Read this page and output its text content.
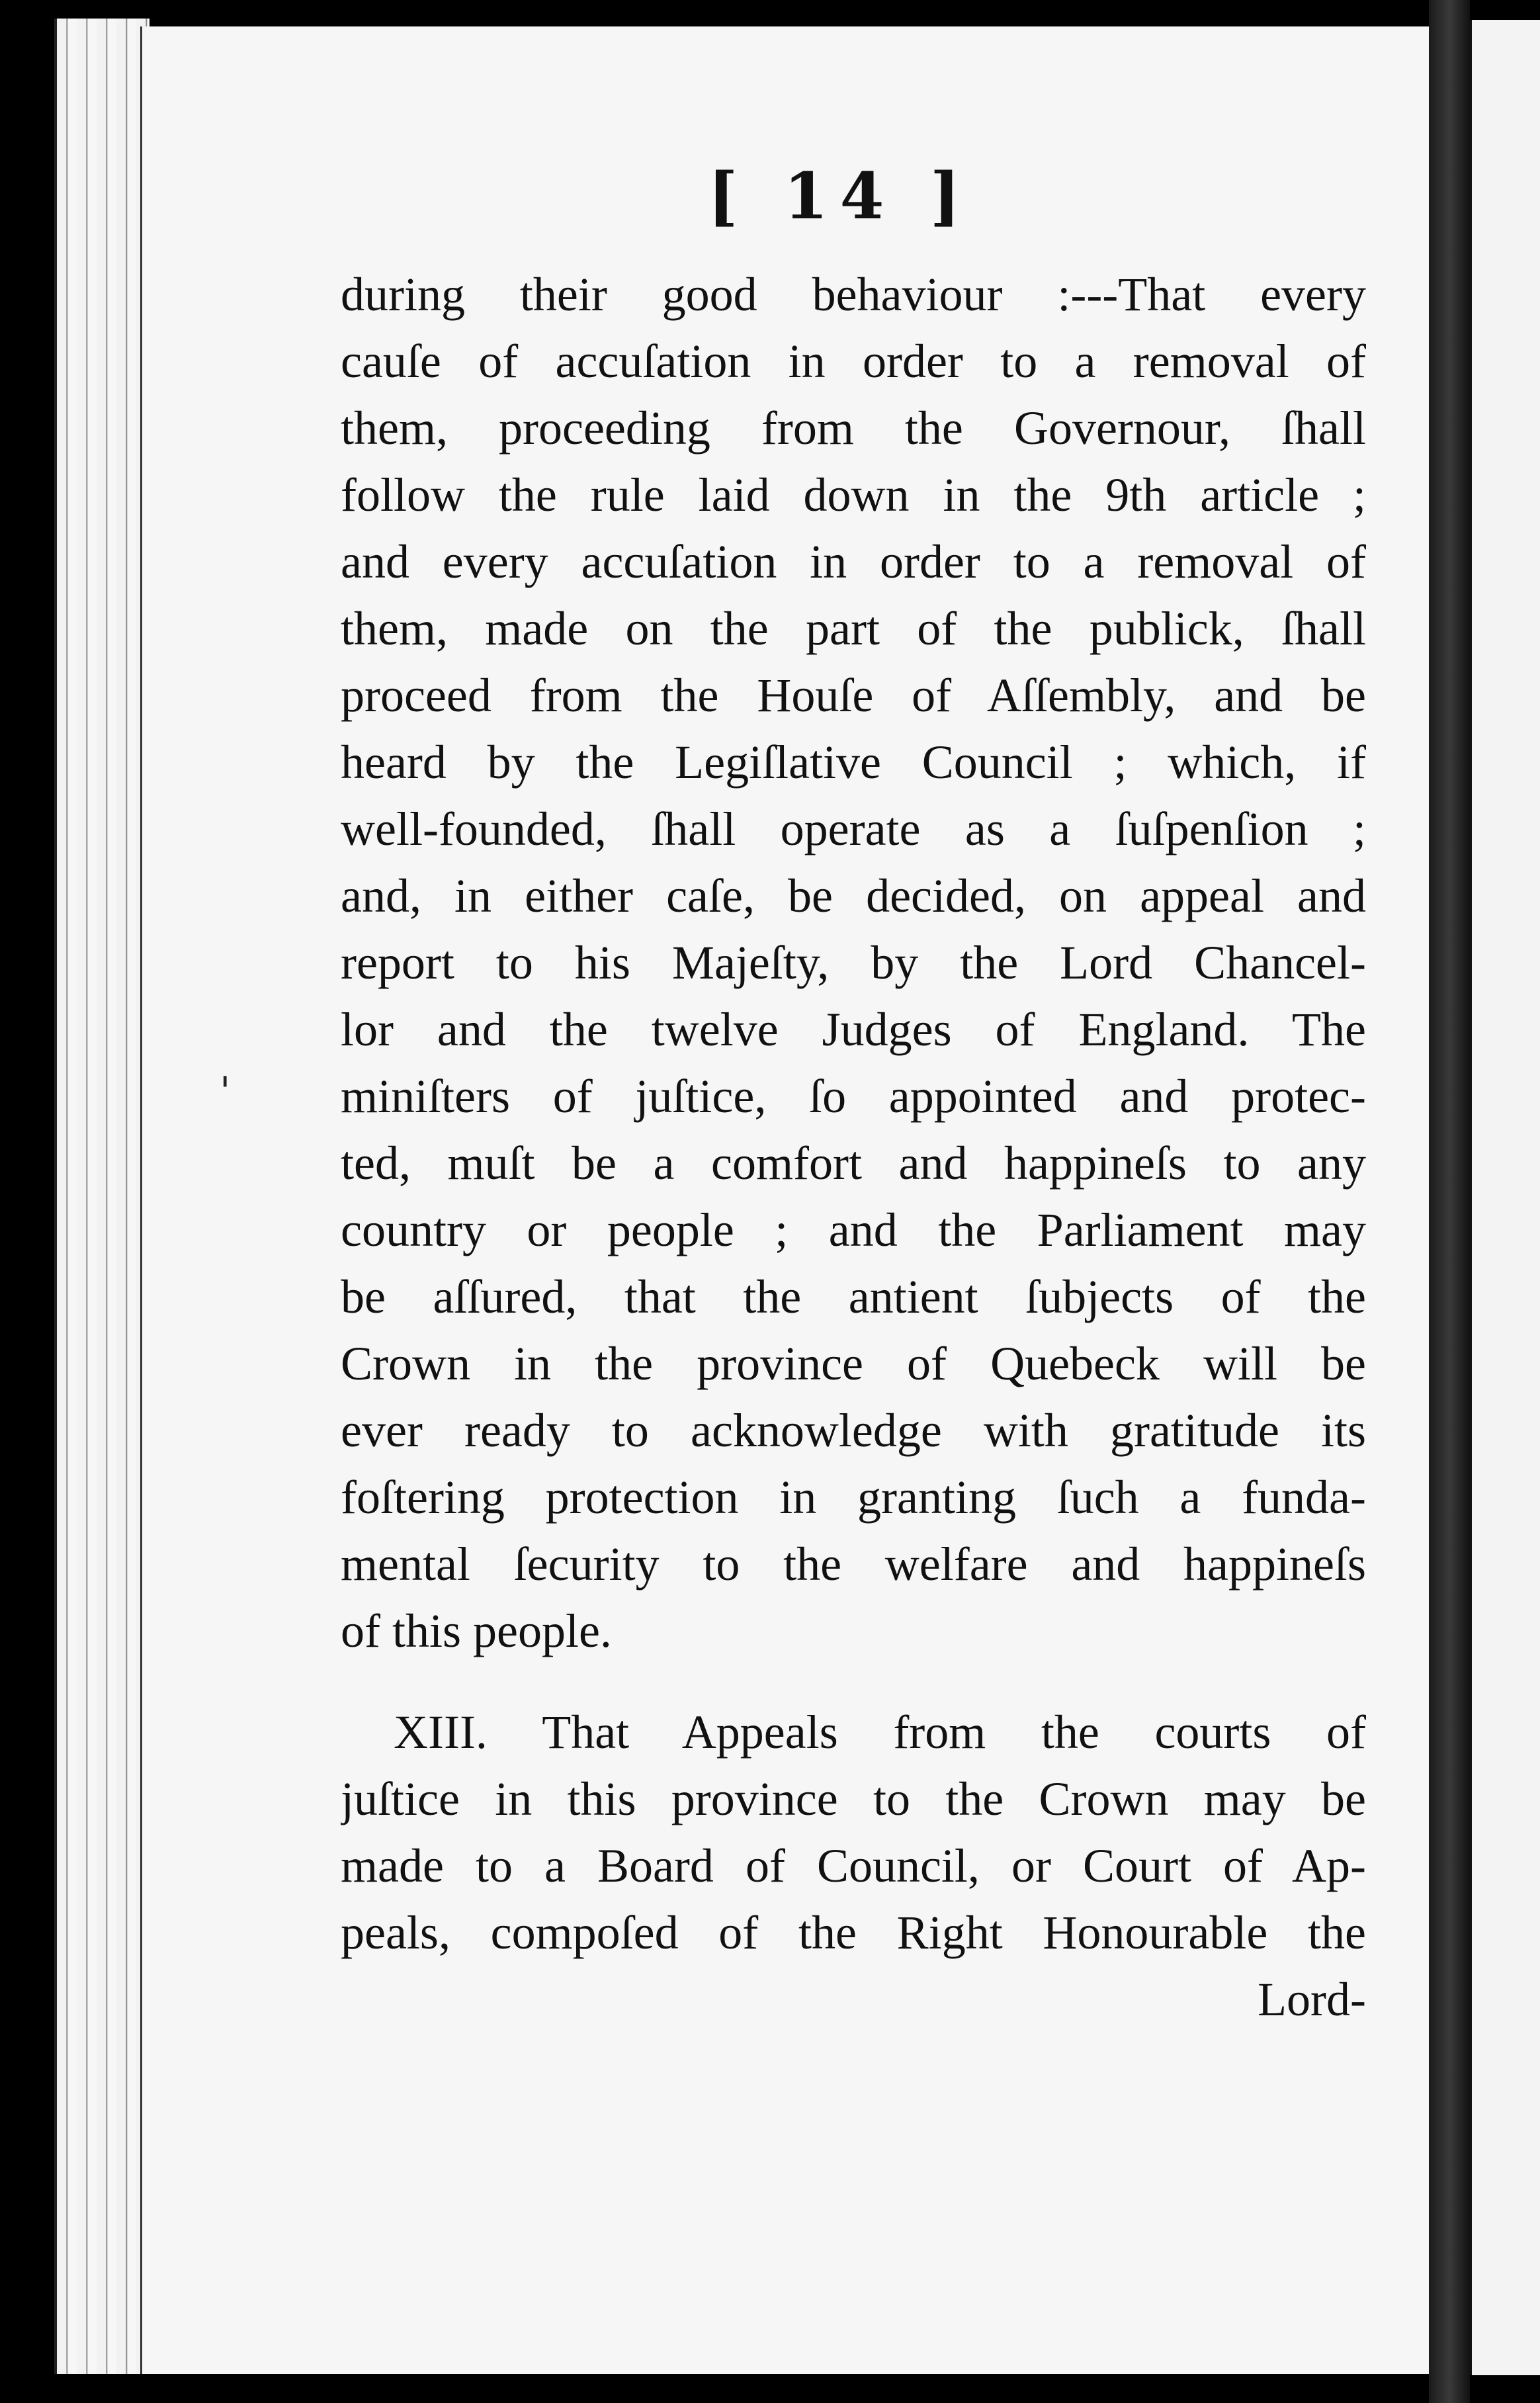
[ 14 ]
'
during their good behaviour :---That every
cauſe of accuſation in order to a removal of
them, proceeding from the Governour, ſhall
follow the rule laid down in the 9th article ;
and every accuſation in order to a removal of
them, made on the part of the publick, ſhall
proceed from the Houſe of Aſſembly, and be
heard by the Legiſlative Council ; which, if
well-founded, ſhall operate as a ſuſpenſion ;
and, in either caſe, be decided, on appeal and
report to his Majeſty, by the Lord Chancel-
lor and the twelve Judges of England. The
miniſters of juſtice, ſo appointed and protec-
ted, muſt be a comfort and happineſs to any
country or people ; and the Parliament may
be aſſured, that the antient ſubjects of the
Crown in the province of Quebeck will be
ever ready to acknowledge with gratitude its
foſtering protection in granting ſuch a funda-
mental ſecurity to the welfare and happineſs
of this people.
XIII. That Appeals from the courts of
juſtice in this province to the Crown may be
made to a Board of Council, or Court of Ap-
peals, compoſed of the Right Honourable the
Lord-
